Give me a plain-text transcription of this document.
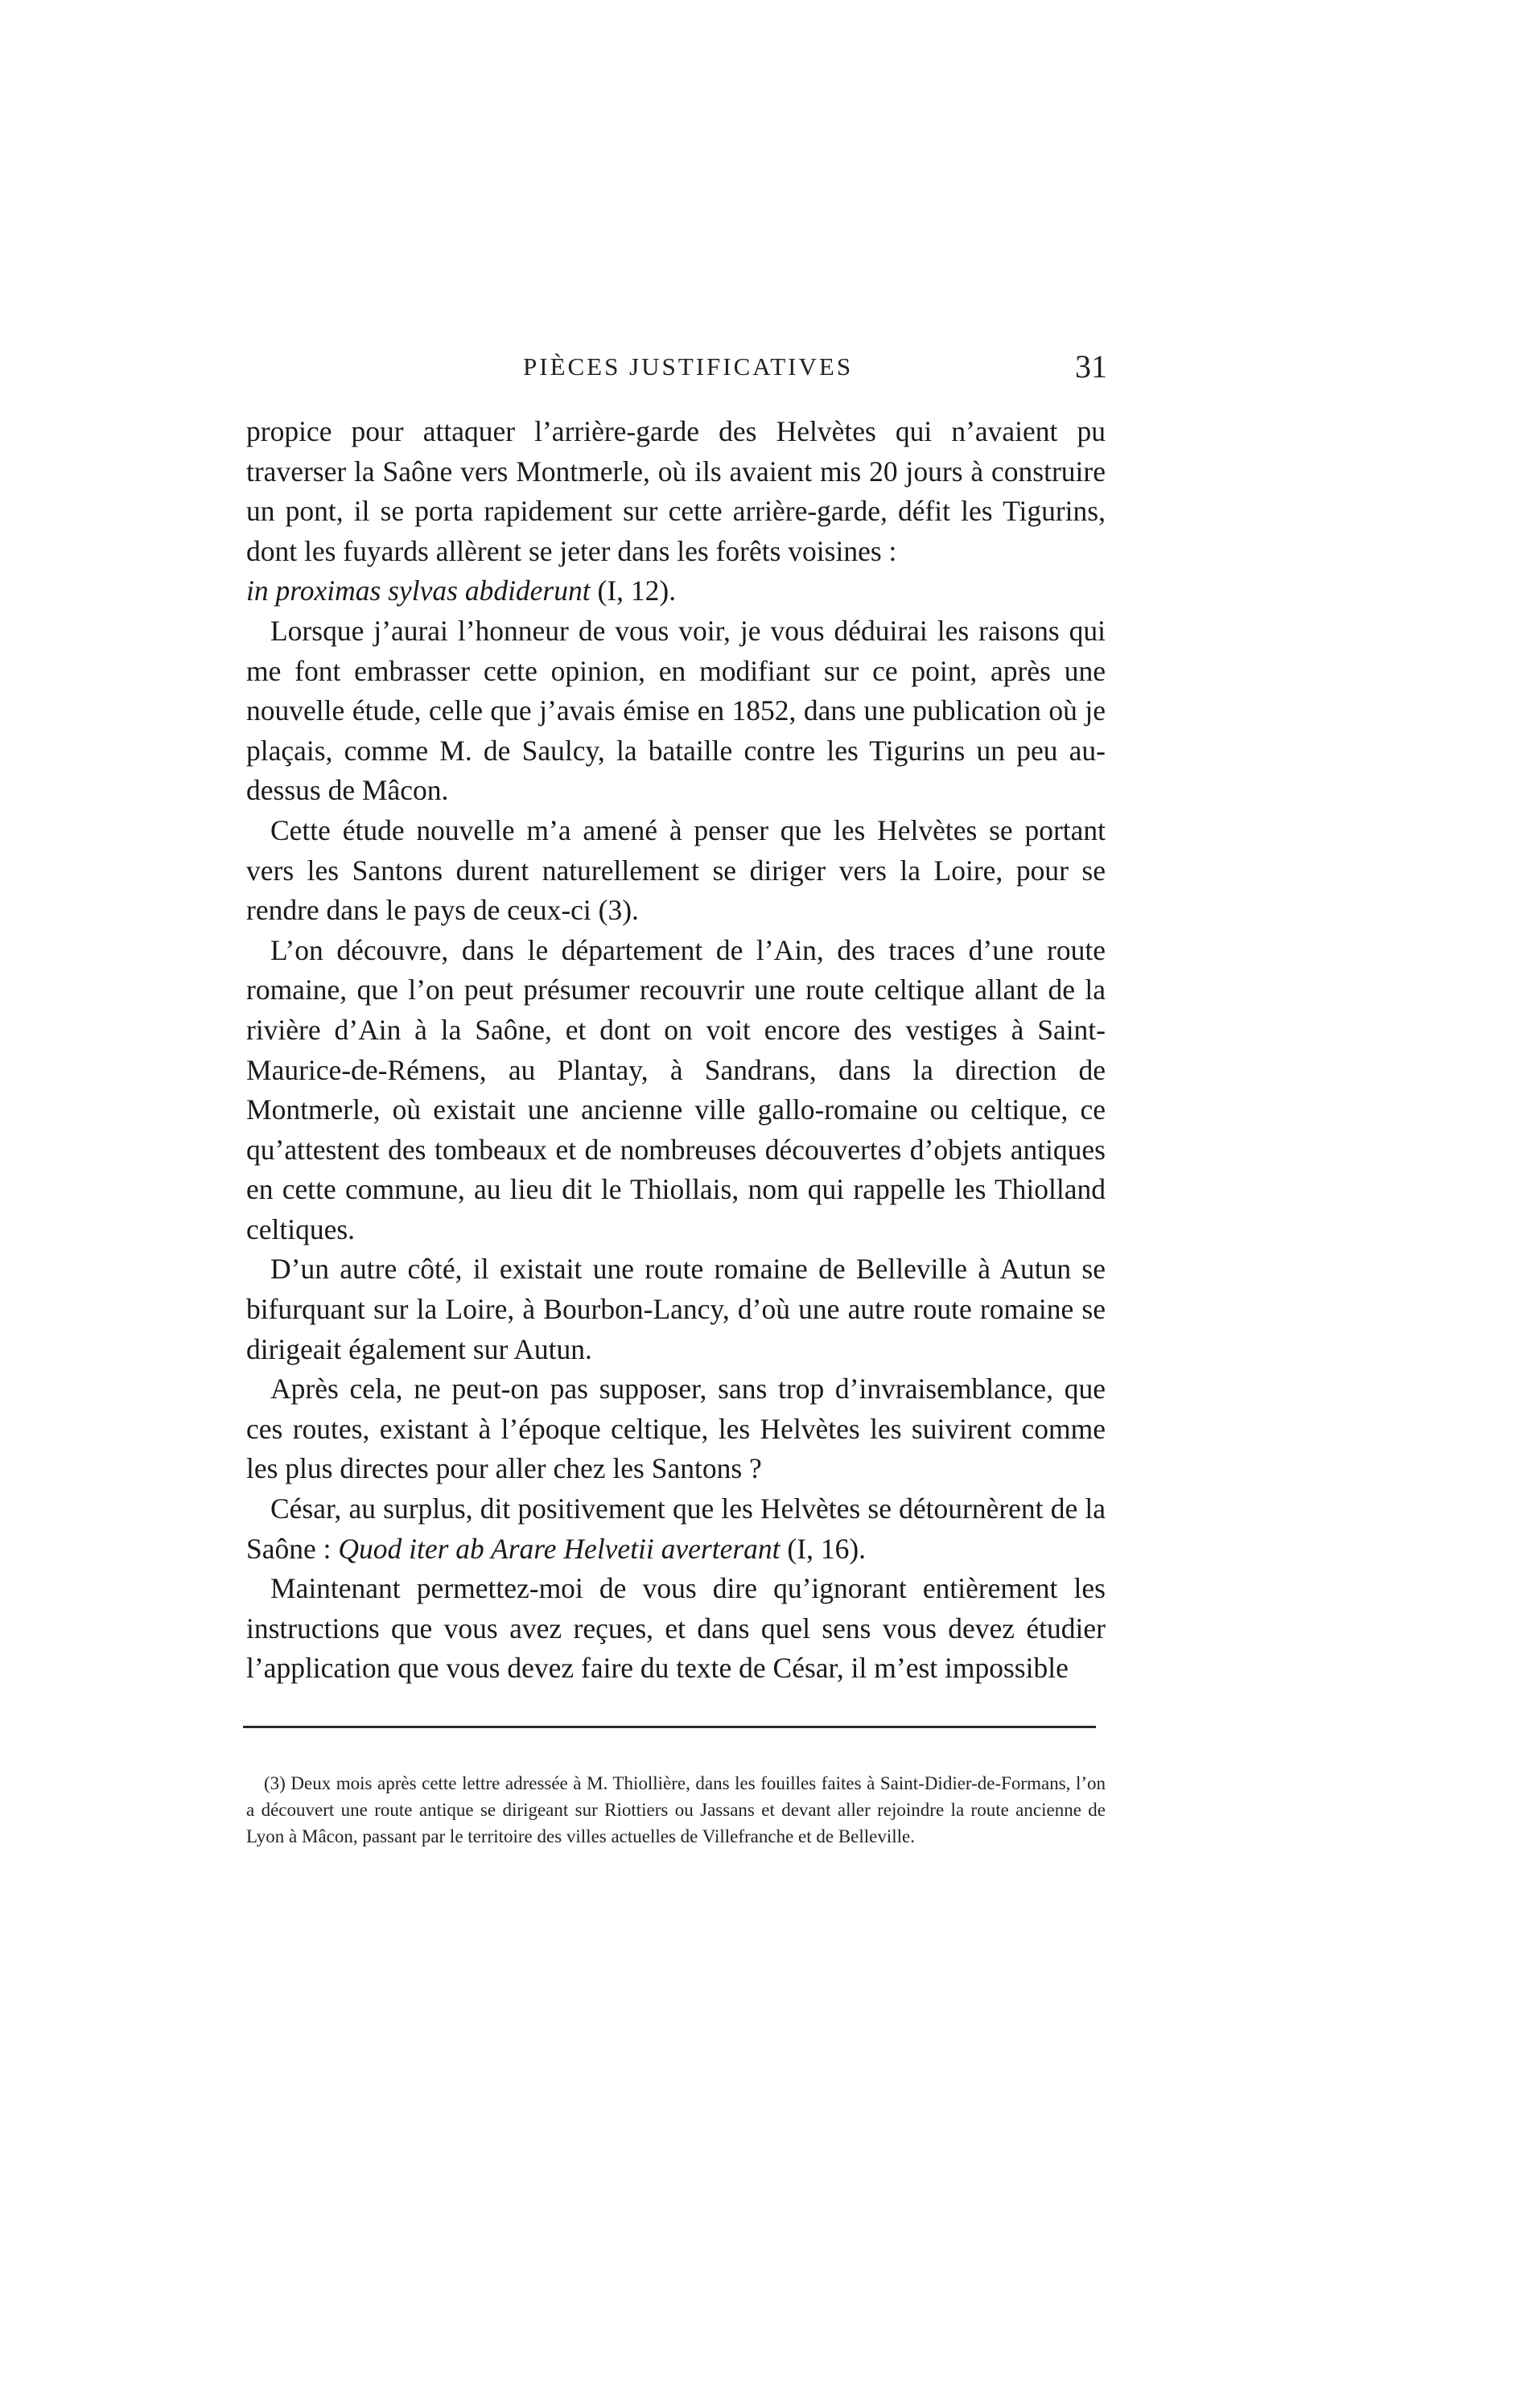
PIÈCES JUSTIFICATIVES	31

propice pour attaquer l’arrière-garde des Helvètes qui n’avaient pu traverser la Saône vers Montmerle, où ils avaient mis 20 jours à construire un pont, il se porta rapidement sur cette arrière-garde, défit les Tigurins, dont les fuyards allèrent se jeter dans les forêts voisines :
in proximas sylvas abdiderunt (I, 12).

Lorsque j’aurai l’honneur de vous voir, je vous déduirai les raisons qui me font embrasser cette opinion, en modifiant sur ce point, après une nouvelle étude, celle que j’avais émise en 1852, dans une publication où je plaçais, comme M. de Saulcy, la bataille contre les Tigurins un peu au-dessus de Mâcon.

Cette étude nouvelle m’a amené à penser que les Helvètes se portant vers les Santons durent naturellement se diriger vers la Loire, pour se rendre dans le pays de ceux-ci (3).

L’on découvre, dans le département de l’Ain, des traces d’une route romaine, que l’on peut présumer recouvrir une route celtique allant de la rivière d’Ain à la Saône, et dont on voit encore des vestiges à Saint-Maurice-de-Rémens, au Plantay, à Sandrans, dans la direction de Montmerle, où existait une ancienne ville gallo-romaine ou celtique, ce qu’attestent des tombeaux et de nombreuses découvertes d’objets antiques en cette commune, au lieu dit le Thiollais, nom qui rappelle les Thiolland celtiques.

D’un autre côté, il existait une route romaine de Belleville à Autun se bifurquant sur la Loire, à Bourbon-Lancy, d’où une autre route romaine se dirigeait également sur Autun.

Après cela, ne peut-on pas supposer, sans trop d’invraisemblance, que ces routes, existant à l’époque celtique, les Helvètes les suivirent comme les plus directes pour aller chez les Santons ?

César, au surplus, dit positivement que les Helvètes se détournèrent de la Saône : Quod iter ab Arare Helvetii averterant (I, 16).

Maintenant permettez-moi de vous dire qu’ignorant entièrement les instructions que vous avez reçues, et dans quel sens vous devez étudier l’application que vous devez faire du texte de César, il m’est impossible

(3) Deux mois après cette lettre adressée à M. Thiollière, dans les fouilles faites à Saint-Didier-de-Formans, l’on a découvert une route antique se dirigeant sur Riottiers ou Jassans et devant aller rejoindre la route ancienne de Lyon à Mâcon, passant par le territoire des villes actuelles de Villefranche et de Belleville.
